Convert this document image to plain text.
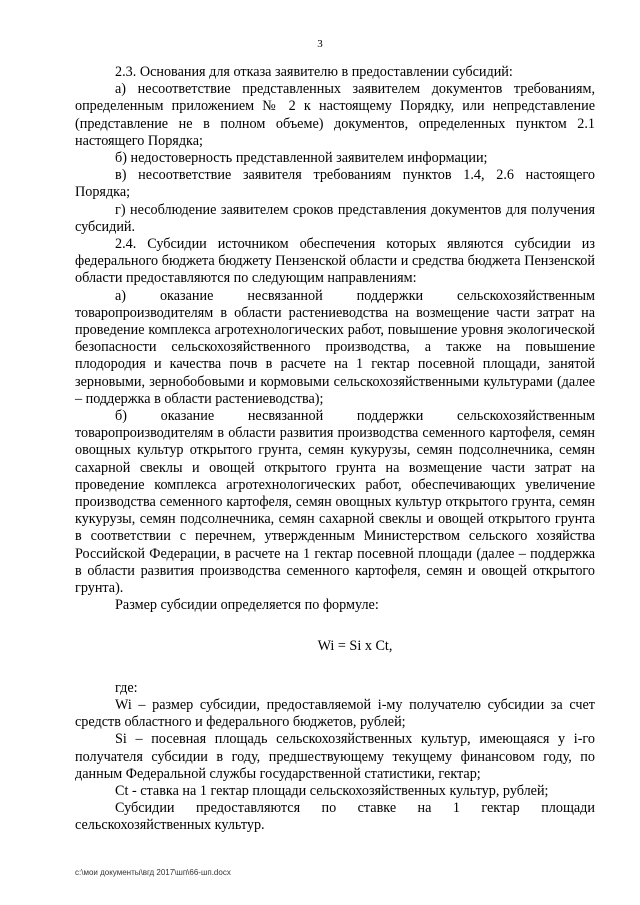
3

2.3. Основания для отказа заявителю в предоставлении субсидий:

а) несоответствие представленных заявителем документов требованиям, определенным приложением № 2 к настоящему Порядку, или непредставление (представление не в полном объеме) документов, определенных пунктом 2.1 настоящего Порядка;

б) недостоверность представленной заявителем информации;

в) несоответствие заявителя требованиям пунктов 1.4, 2.6 настоящего Порядка;

г) несоблюдение заявителем сроков представления документов для получения субсидий.

2.4. Субсидии источником обеспечения которых являются субсидии из федерального бюджета бюджету Пензенской области и средства бюджета Пензенской области предоставляются по следующим направлениям:

а) оказание несвязанной поддержки сельскохозяйственным товаропроизводителям в области растениеводства на возмещение части затрат на проведение комплекса агротехнологических работ, повышение уровня экологической безопасности сельскохозяйственного производства, а также на повышение плодородия и качества почв в расчете на 1 гектар посевной площади, занятой зерновыми, зернобобовыми и кормовыми сельскохозяйственными культурами (далее – поддержка в области растениеводства);

б) оказание несвязанной поддержки сельскохозяйственным товаропроизводителям в области развития производства семенного картофеля, семян овощных культур открытого грунта, семян кукурузы, семян подсолнечника, семян сахарной свеклы и овощей открытого грунта на возмещение части затрат на проведение комплекса агротехнологических работ, обеспечивающих увеличение производства семенного картофеля, семян овощных культур открытого грунта, семян кукурузы, семян подсолнечника, семян сахарной свеклы и овощей открытого грунта в соответствии с перечнем, утвержденным Министерством сельского хозяйства Российской Федерации, в расчете на 1 гектар посевной площади (далее – поддержка в области развития производства семенного картофеля, семян и овощей открытого грунта).

Размер субсидии определяется по формуле:

Wi = Si x Ct,

где:

Wi – размер субсидии, предоставляемой i-му получателю субсидии за счет средств областного и федерального бюджетов, рублей;

Si – посевная площадь сельскохозяйственных культур, имеющаяся у i-го получателя субсидии в году, предшествующему текущему финансовом году, по данным Федеральной службы государственной статистики, гектар;

Ct - ставка на 1 гектар площади сельскохозяйственных культур, рублей;

Субсидии предоставляются по ставке на 1 гектар площади сельскохозяйственных культур.

c:\мои документы\вгд 2017\шп\66-шп.docx
